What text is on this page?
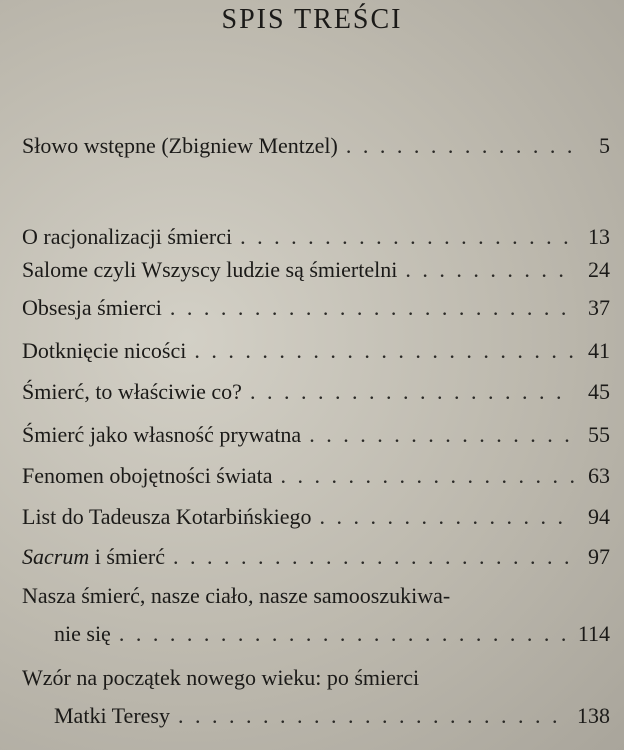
SPIS TREŚCI
Słowo wstępne (Zbigniew Mentzel) . . .	5
O racjonalizacji śmierci . . .	13
Salome czyli Wszyscy ludzie są śmiertelni . . .	24
Obsesja śmierci . . .	37
Dotknięcie nicości . . .	41
Śmierć, to właściwie co? . . .	45
Śmierć jako własność prywatna . . .	55
Fenomen obojętności świata . . .	63
List do Tadeusza Kotarbińskiego . . .	94
Sacrum i śmierć . . .	97
Nasza śmierć, nasze ciało, nasze samooszukiwa-
nie się . . .	114
Wzór na początek nowego wieku: po śmierci
Matki Teresy . . .	138
